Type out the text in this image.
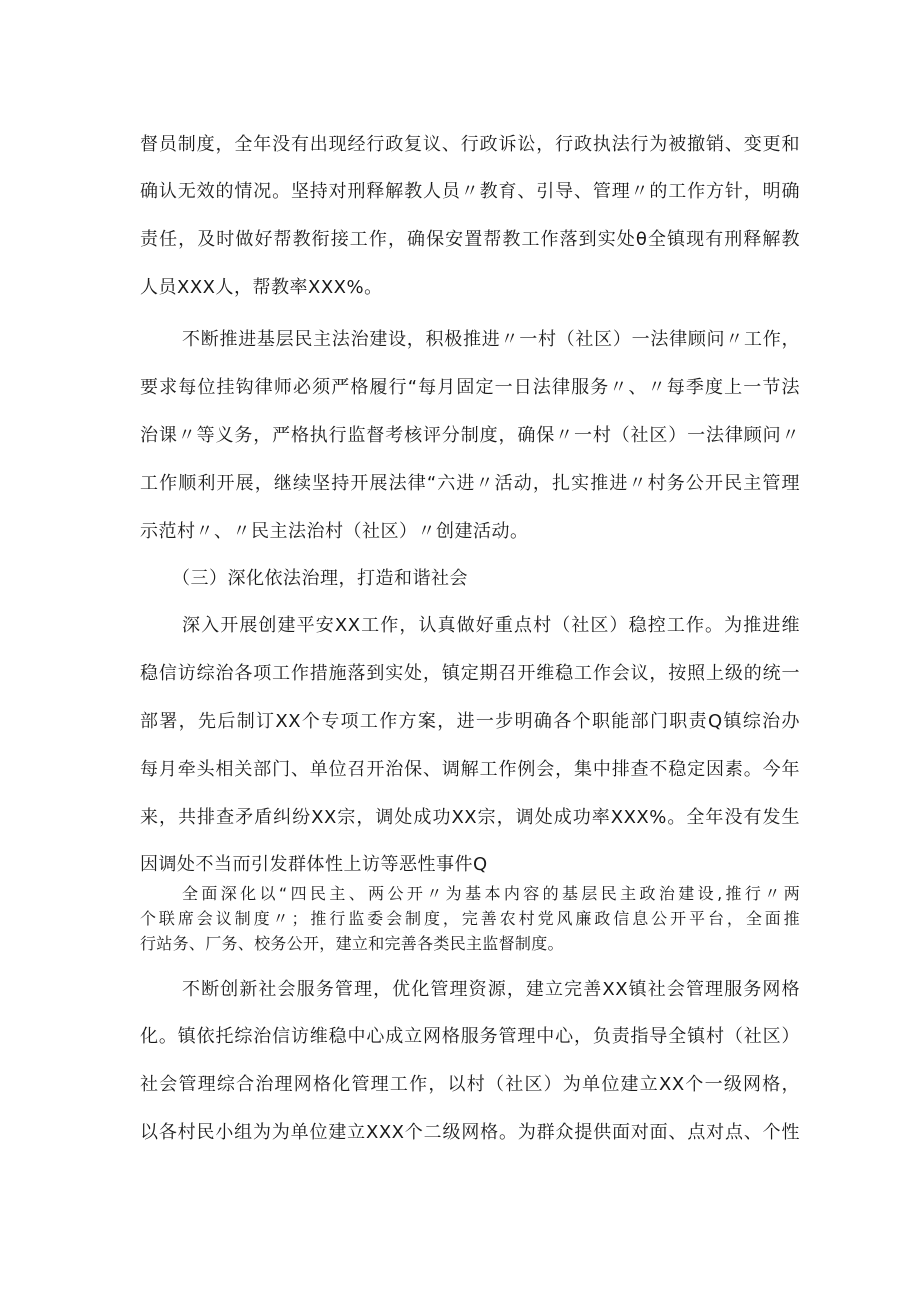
督员制度，全年没有出现经行政复议、行政诉讼，行政执法行为被撤销、变更和
确认无效的情况。坚持对刑释解教人员〃教育、引导、管理〃的工作方针，明确
责任，及时做好帮教衔接工作，确保安置帮教工作落到实处θ全镇现有刑释解教
人员XXX人，帮教率XXX%。
不断推进基层民主法治建设，积极推进〃一村（社区）一法律顾问〃工作，
要求每位挂钩律师必须严格履行“每月固定一日法律服务〃、〃每季度上一节法
治课〃等义务，严格执行监督考核评分制度，确保〃一村（社区）一法律顾问〃
工作顺利开展，继续坚持开展法律“六进〃活动，扎实推进〃村务公开民主管理
示范村〃、〃民主法治村（社区）〃创建活动。
（三）深化依法治理，打造和谐社会
深入开展创建平安XX工作，认真做好重点村（社区）稳控工作。为推进维
稳信访综治各项工作措施落到实处，镇定期召开维稳工作会议，按照上级的统一
部署，先后制订XX个专项工作方案，进一步明确各个职能部门职责Q镇综治办
每月牵头相关部门、单位召开治保、调解工作例会，集中排查不稳定因素。今年
来，共排查矛盾纠纷XX宗，调处成功XX宗，调处成功率XXX%。全年没有发生
因调处不当而引发群体性上访等恶性事件Q
全面深化以“四民主、两公开〃为基本内容的基层民主政治建设,推行〃两
个联席会议制度〃；推行监委会制度，完善农村党风廉政信息公开平台，全面推
行站务、厂务、校务公开，建立和完善各类民主监督制度。
不断创新社会服务管理，优化管理资源，建立完善XX镇社会管理服务网格
化。镇依托综治信访维稳中心成立网格服务管理中心，负责指导全镇村（社区）
社会管理综合治理网格化管理工作，以村（社区）为单位建立XX个一级网格，
以各村民小组为为单位建立XXX个二级网格。为群众提供面对面、点对点、个性
